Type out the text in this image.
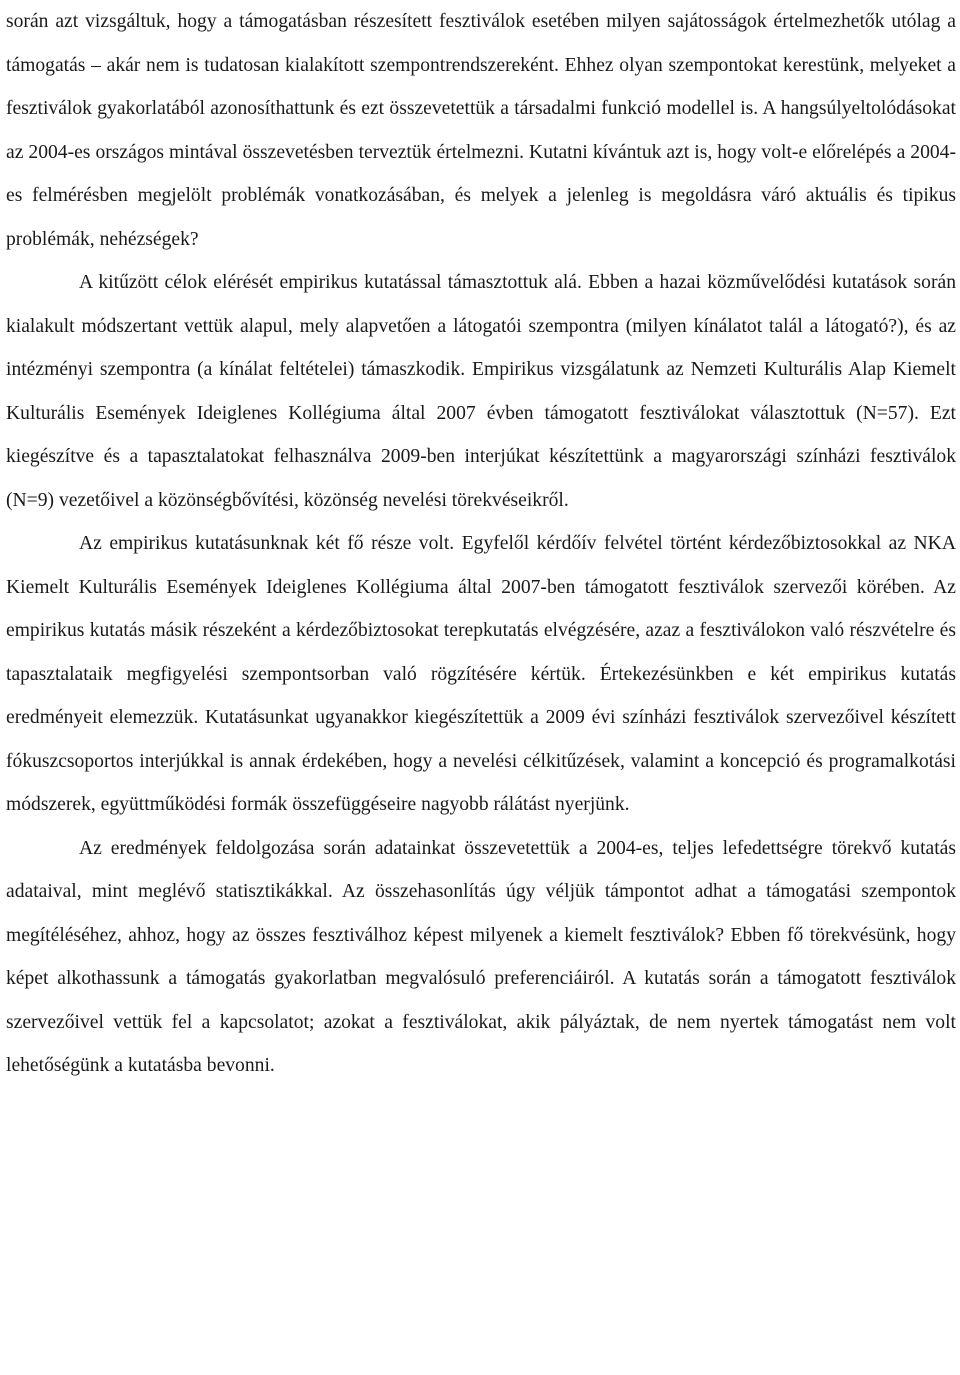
során azt vizsgáltuk, hogy a támogatásban részesített fesztiválok esetében milyen sajátosságok értelmezhetők utólag a támogatás – akár nem is tudatosan kialakított szempontrendszereként. Ehhez olyan szempontokat kerestünk, melyeket a fesztiválok gyakorlatából azonosíthattunk és ezt összevetettük a társadalmi funkció modellel is. A hangsúlyeltolódásokat az 2004-es országos mintával összevetésben terveztük értelmezni. Kutatni kívántuk azt is, hogy volt-e előrelépés a 2004-es felmérésben megjelölt problémák vonatkozásában, és melyek a jelenleg is megoldásra váró aktuális és tipikus problémák, nehézségek?

A kitűzött célok elérését empirikus kutatással támasztottuk alá. Ebben a hazai közművelődési kutatások során kialakult módszertant vettük alapul, mely alapvetően a látogatói szempontra (milyen kínálatot talál a látogató?), és az intézményi szempontra (a kínálat feltételei) támaszkodik. Empirikus vizsgálatunk az Nemzeti Kulturális Alap Kiemelt Kulturális Események Ideiglenes Kollégiuma által 2007 évben támogatott fesztiválokat választottuk (N=57). Ezt kiegészítve és a tapasztalatokat felhasználva 2009-ben interjúkat készítettünk a magyarországi színházi fesztiválok (N=9) vezetőivel a közönségbővítési, közönség nevelési törekvéseikről.

Az empirikus kutatásunknak két fő része volt. Egyfelől kérdőív felvétel történt kérdezőbiztosokkal az NKA Kiemelt Kulturális Események Ideiglenes Kollégiuma által 2007-ben támogatott fesztiválok szervezői körében. Az empirikus kutatás másik részeként a kérdezőbiztosokat terepkutatás elvégzésére, azaz a fesztiválokon való részvételre és tapasztalataik megfigyelési szempontsorban való rögzítésére kértük. Értekezésünkben e két empirikus kutatás eredményeit elemezzük. Kutatásunkat ugyanakkor kiegészítettük a 2009 évi színházi fesztiválok szervezőivel készített fókuszcsoportos interjúkkal is annak érdekében, hogy a nevelési célkitűzések, valamint a koncepció és programalkotási módszerek, együttműködési formák összefüggéseire nagyobb rálátást nyerjünk.

Az eredmények feldolgozása során adatainkat összevetettük a 2004-es, teljes lefedettségre törekvő kutatás adataival, mint meglévő statisztikákkal. Az összehasonlítás úgy véljük támpontot adhat a támogatási szempontok megítéléséhez, ahhoz, hogy az összes fesztiválhoz képest milyenek a kiemelt fesztiválok? Ebben fő törekvésünk, hogy képet alkothassunk a támogatás gyakorlatban megvalósuló preferenciáiról. A kutatás során a támogatott fesztiválok szervezőivel vettük fel a kapcsolatot; azokat a fesztiválokat, akik pályáztak, de nem nyertek támogatást nem volt lehetőségünk a kutatásba bevonni.
